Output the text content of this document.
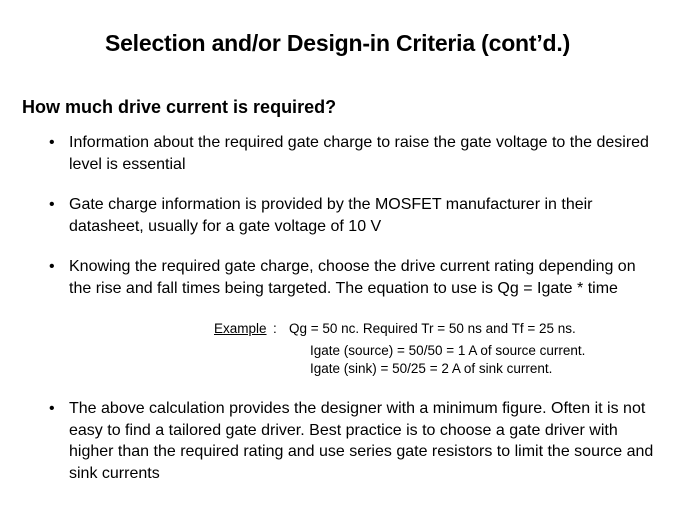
Selection and/or Design-in Criteria (cont’d.)
How much drive current is required?
• Information about the required gate charge to raise the gate voltage to the desired level is essential
• Gate charge information is provided by the MOSFET manufacturer in their datasheet, usually for a gate voltage of 10 V
• Knowing the required gate charge, choose the drive current rating depending on the rise and fall times being targeted. The equation to use is Qg = Igate * time
Example : Qg = 50 nc. Required Tr = 50 ns and Tf = 25 ns.
Igate (source) = 50/50 = 1 A of source current.
Igate (sink) = 50/25 = 2 A of sink current.
• The above calculation provides the designer with a minimum figure. Often it is not easy to find a tailored gate driver. Best practice is to choose a gate driver with higher than the required rating and use series gate resistors to limit the source and sink currents
